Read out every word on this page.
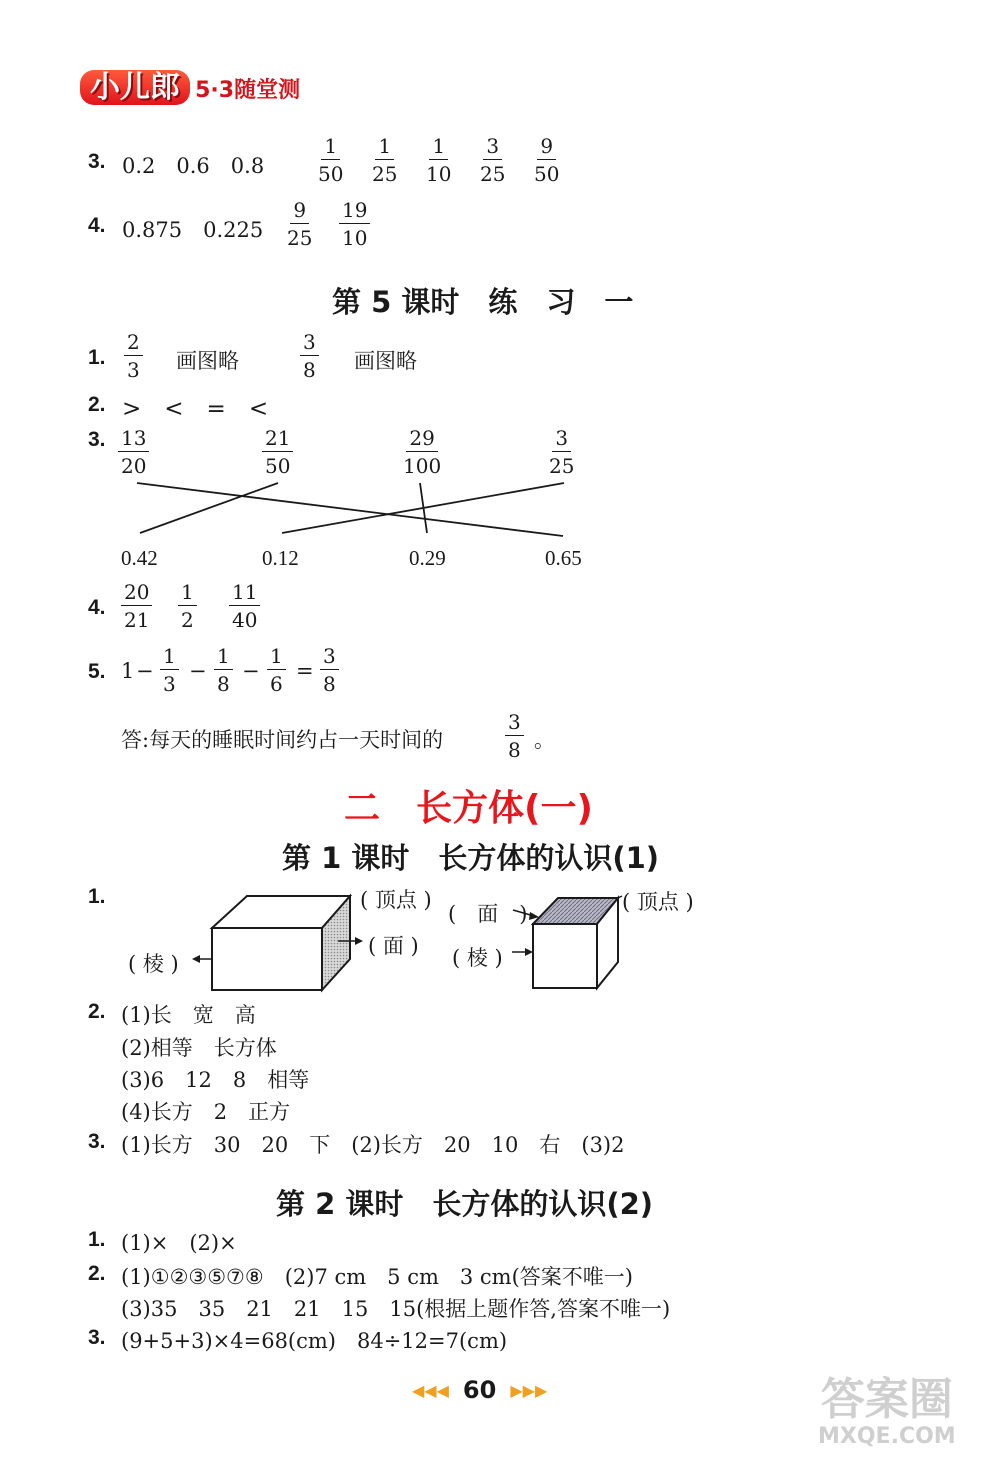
小儿郎 5·3随堂测
3. 0.2　0.6　0.8	$\frac{1}{50} \frac{1}{25} \frac{1}{10} \frac{3}{25} \frac{9}{50}$
4. 0.875　$0.225 \frac{9}{25} \frac{19}{10}$
第 5 课时　练　习　一
1. $\frac{2}{3}$ 画图略	$\frac{3}{8}$ 画图略
2. >　<　=　<
3. $\frac{13}{20}$	$\frac{21}{50}$	$\frac{29}{100}$	$\frac{3}{25}$
0.42	0.12	0.29	0.65
4. $\frac{20}{21} \frac{1}{2} \frac{11}{40}$
5. $1 - \frac{1}{3} - \frac{1}{8} - \frac{1}{6} = \frac{3}{8}$
答:每天的睡眠时间约占一天时间的	$\frac{3}{8}$ 。
二　长方体(一)
第 1 课时　长方体的认识(1)
1.	( 顶点 )
( 面 )
( 棱 )
(　面　)	( 顶点 )
( 棱 )
2. (1)长　宽　高
(2)相等　长方体
(3)6　12　8　相等
(4)长方　2　正方
3. (1)长方　30　20　下　(2)长方　20　10　右　(3)2
第 2 课时　长方体的认识(2)
1. (1)×　(2)×
2. (1)①②③⑤⑦⑧　(2)7 cm　5 cm　3 cm(答案不唯一)
(3)35　35　21　21　15　15(根据上题作答,答案不唯一)
3. (9+5+3)×4=68(cm)　84÷12=7(cm)
◀◀◀ 60 ▶▶▶	答案圈
MXQE.COM
